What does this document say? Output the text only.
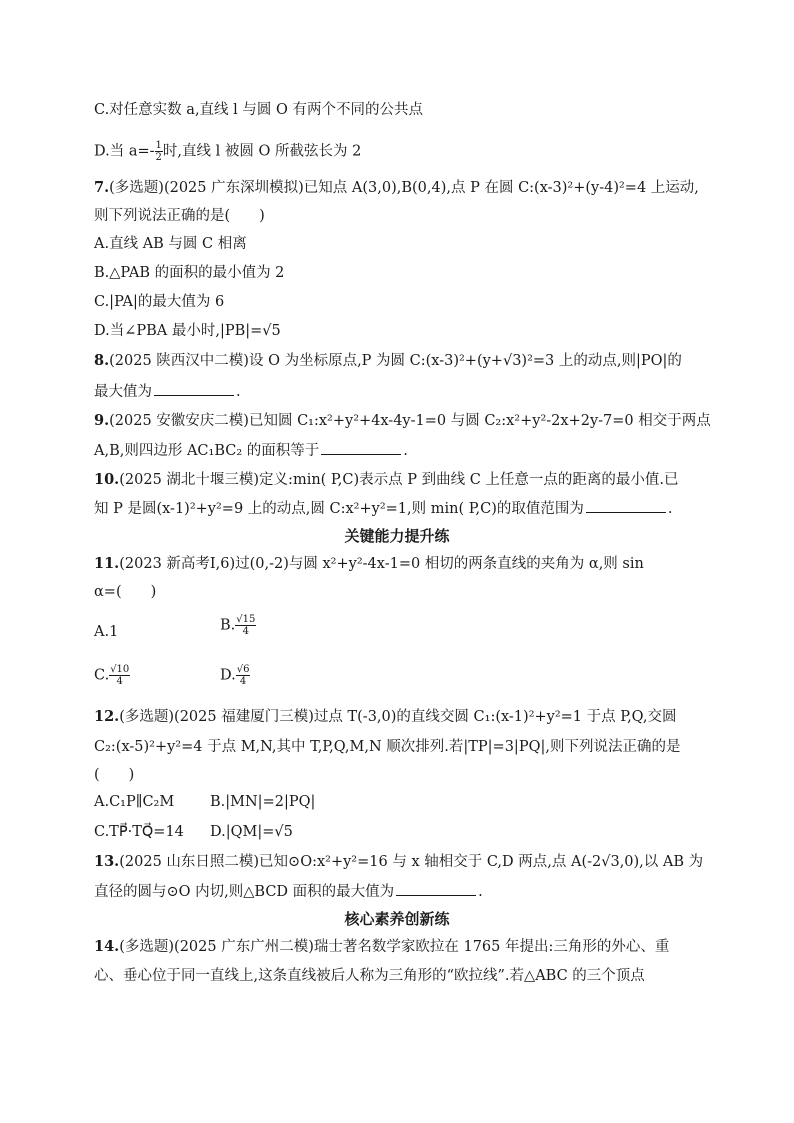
C.对任意实数 a,直线 l 与圆 O 有两个不同的公共点
D.当 $a=- \frac{1}{2}$ 时,直线 l 被圆 O 所截弦长为 2
7.(多选题)(2025 广东深圳模拟)已知点 A(3,0),B(0,4),点 P 在圆 C:(x-3)²+(y-4)²=4 上运动,
则下列说法正确的是(　　)
A.直线 AB 与圆 C 相离
B.△PAB 的面积的最小值为 2
C.|PA|的最大值为 6
D.当∠PBA 最小时,|PB|=√5
8.(2025 陕西汉中二模)设 O 为坐标原点,P 为圆 C:(x-3)²+(y+√3)²=3 上的动点,则|PO|的
最大值为	.
9.(2025 安徽安庆二模)已知圆 C₁:x²+y²+4x-4y-1=0 与圆 C₂:x²+y²-2x+2y-7=0 相交于两点
A,B,则四边形 AC₁BC₂ 的面积等于	.
10.(2025 湖北十堰三模)定义:min( P,C)表示点 P 到曲线 C 上任意一点的距离的最小值.已
知 P 是圆(x-1)²+y²=9 上的动点,圆 C:x²+y²=1,则 min( P,C)的取值范围为	.
关键能力提升练
11.(2023 新高考Ⅰ,6)过(0,-2)与圆 x²+y²-4x-1=0 相切的两条直线的夹角为 α,则 sin
α=(　　)
A.1	B. $\frac{√15}{4}$
C. $\frac{√10}{4}$	D. $\frac{√6}{4}$
12.(多选题)(2025 福建厦门三模)过点 T(-3,0)的直线交圆 C₁:(x-1)²+y²=1 于点 P,Q,交圆
C₂:(x-5)²+y²=4 于点 M,N,其中 T,P,Q,M,N 顺次排列.若|TP|=3|PQ|,则下列说法正确的是
(　　)
A.C₁P∥C₂M B.|MN|=2|PQ|
C.TP⃗·TQ⃗=14 D.|QM|=√5
13.(2025 山东日照二模)已知⊙O:x²+y²=16 与 x 轴相交于 C,D 两点,点 A(-2√3,0),以 AB 为
直径的圆与⊙O 内切,则△BCD 面积的最大值为	.
核心素养创新练
14.(多选题)(2025 广东广州二模)瑞士著名数学家欧拉在 1765 年提出:三角形的外心、重
心、垂心位于同一直线上,这条直线被后人称为三角形的“欧拉线”.若△ABC 的三个顶点
